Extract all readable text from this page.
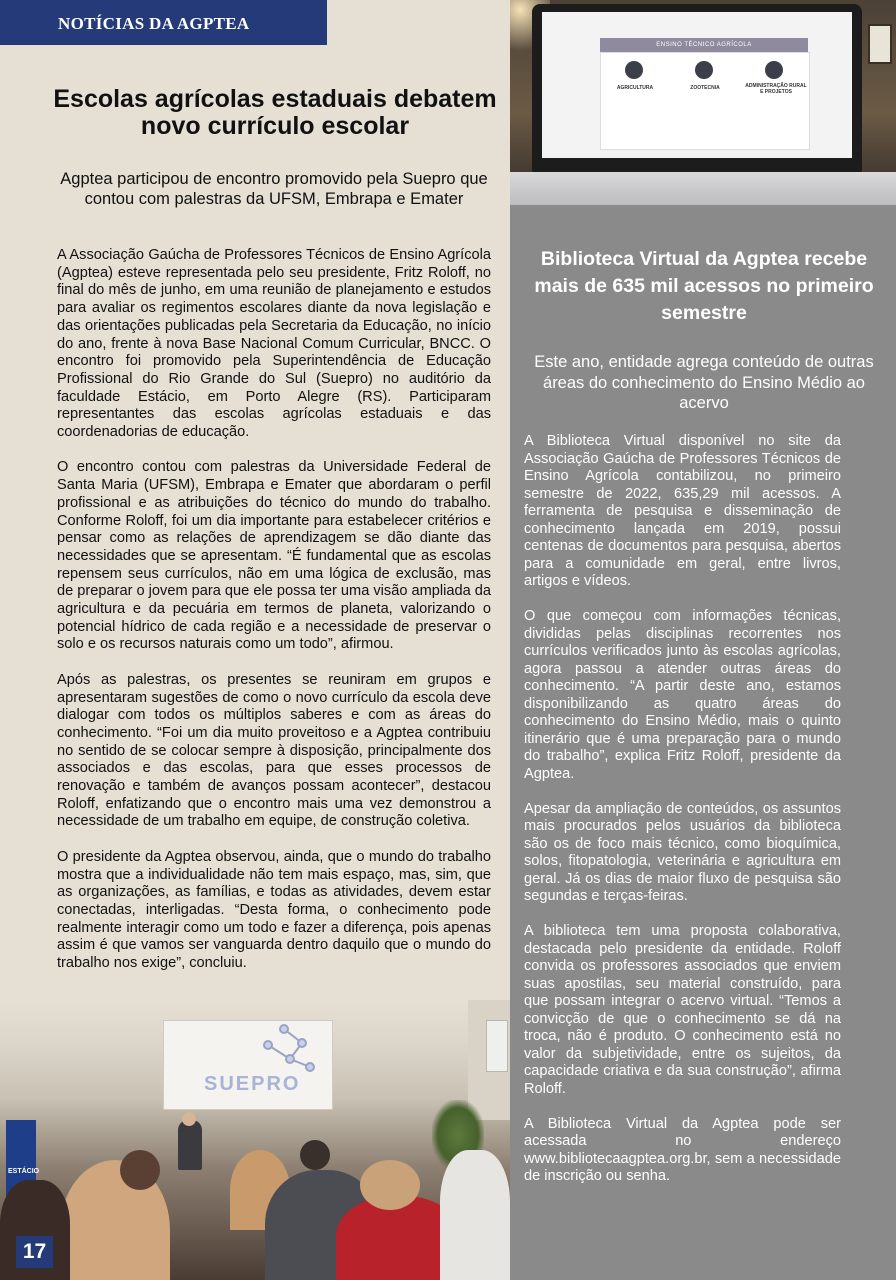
SUEPRO
ESTÁCIO
NOTÍCIAS DA AGPTEA
Escolas agrícolas estaduais debatem novo currículo escolar
Agptea participou de encontro promovido pela Suepro que contou com palestras da UFSM, Embrapa e Emater

A Associação Gaúcha de Professores Técnicos de Ensino Agrícola (Agptea) esteve representada pelo seu presidente, Fritz Roloff, no final do mês de junho, em uma reunião de planejamento e estudos para avaliar os regimentos escolares diante da nova legislação e das orientações publicadas pela Secretaria da Educação, no início do ano, frente à nova Base Nacional Comum Curricular, BNCC. O encontro foi promovido pela Superintendência de Educação Profissional do Rio Grande do Sul (Suepro) no auditório da faculdade Estácio, em Porto Alegre (RS). Participaram representantes das escolas agrícolas estaduais e das coordenadorias de educação.

O encontro contou com palestras da Universidade Federal de Santa Maria (UFSM), Embrapa e Emater que abordaram o perfil profissional e as atribuições do técnico do mundo do trabalho. Conforme Roloff, foi um dia importante para estabelecer critérios e pensar como as relações de aprendizagem se dão diante das necessidades que se apresentam. “É fundamental que as escolas repensem seus currículos, não em uma lógica de exclusão, mas de preparar o jovem para que ele possa ter uma visão ampliada da agricultura e da pecuária em termos de planeta, valorizando o potencial hídrico de cada região e a necessidade de preservar o solo e os recursos naturais como um todo”, afirmou.

Após as palestras, os presentes se reuniram em grupos e apresentaram sugestões de como o novo currículo da escola deve dialogar com todos os múltiplos saberes e com as áreas do conhecimento. “Foi um dia muito proveitoso e a Agptea contribuiu no sentido de se colocar sempre à disposição, principalmente dos associados e das escolas, para que esses processos de renovação e também de avanços possam acontecer”, destacou Roloff, enfatizando que o encontro mais uma vez demonstrou a necessidade de um trabalho em equipe, de construção coletiva.

O presidente da Agptea observou, ainda, que o mundo do trabalho mostra que a individualidade não tem mais espaço, mas, sim, que as organizações, as famílias, e todas as atividades, devem estar conectadas, interligadas. “Desta forma, o conhecimento pode realmente interagir como um todo e fazer a diferença, pois apenas assim é que vamos ser vanguarda dentro daquilo que o mundo do trabalho nos exige”, concluiu.

17
ENSINO TÉCNICO AGRÍCOLA
AGRICULTURA	ZOOTECNIA	ADMINISTRAÇÃO RURAL E PROJETOS
Biblioteca Virtual da Agptea recebe mais de 635 mil acessos no primeiro semestre
Este ano, entidade agrega conteúdo de outras áreas do conhecimento do Ensino Médio ao acervo

A Biblioteca Virtual disponível no site da Associação Gaúcha de Professores Técnicos de Ensino Agrícola contabilizou, no primeiro semestre de 2022, 635,29 mil acessos. A ferramenta de pesquisa e disseminação de conhecimento lançada em 2019, possui centenas de documentos para pesquisa, abertos para a comunidade em geral, entre livros, artigos e vídeos.

O que começou com informações técnicas, divididas pelas disciplinas recorrentes nos currículos verificados junto às escolas agrícolas, agora passou a atender outras áreas do conhecimento. “A partir deste ano, estamos disponibilizando as quatro áreas do conhecimento do Ensino Médio, mais o quinto itinerário que é uma preparação para o mundo do trabalho”, explica Fritz Roloff, presidente da Agptea.

Apesar da ampliação de conteúdos, os assuntos mais procurados pelos usuários da biblioteca são os de foco mais técnico, como bioquímica, solos, fitopatologia, veterinária e agricultura em geral. Já os dias de maior fluxo de pesquisa são segundas e terças-feiras.

A biblioteca tem uma proposta colaborativa, destacada pelo presidente da entidade. Roloff convida os professores associados que enviem suas apostilas, seu material construído, para que possam integrar o acervo virtual. “Temos a convicção de que o conhecimento se dá na troca, não é produto. O conhecimento está no valor da subjetividade, entre os sujeitos, da capacidade criativa e da sua construção”, afirma Roloff.

A Biblioteca Virtual da Agptea pode ser acessada no endereço www.bibliotecaagptea.org.br, sem a necessidade de inscrição ou senha.
